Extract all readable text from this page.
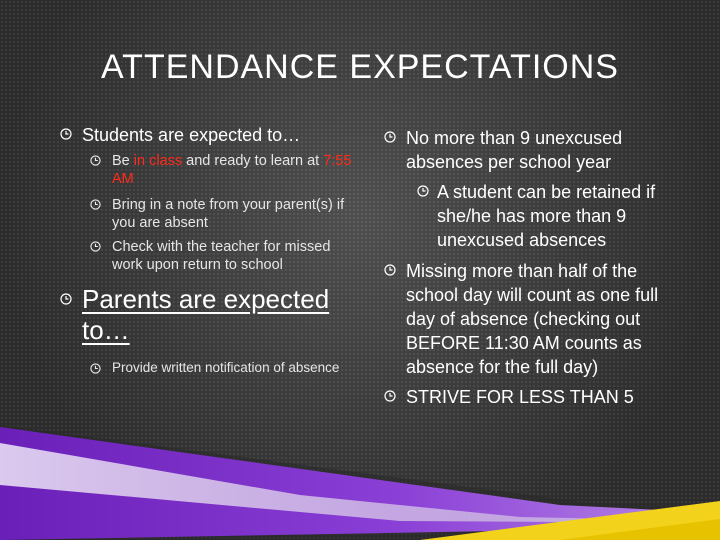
ATTENDANCE EXPECTATIONS
Students are expected to…
Be in class and ready to learn at 7:55 AM
Bring in a note from your parent(s) if you are absent
Check with the teacher for missed work upon return to school
Parents are expected to…
Provide written notification of absence
No more than 9 unexcused absences per school year
A student can be retained if she/he has more than 9 unexcused absences
Missing more than half of the school day will count as one full day of absence (checking out BEFORE 11:30 AM counts as absence for the full day)
STRIVE FOR LESS THAN 5
